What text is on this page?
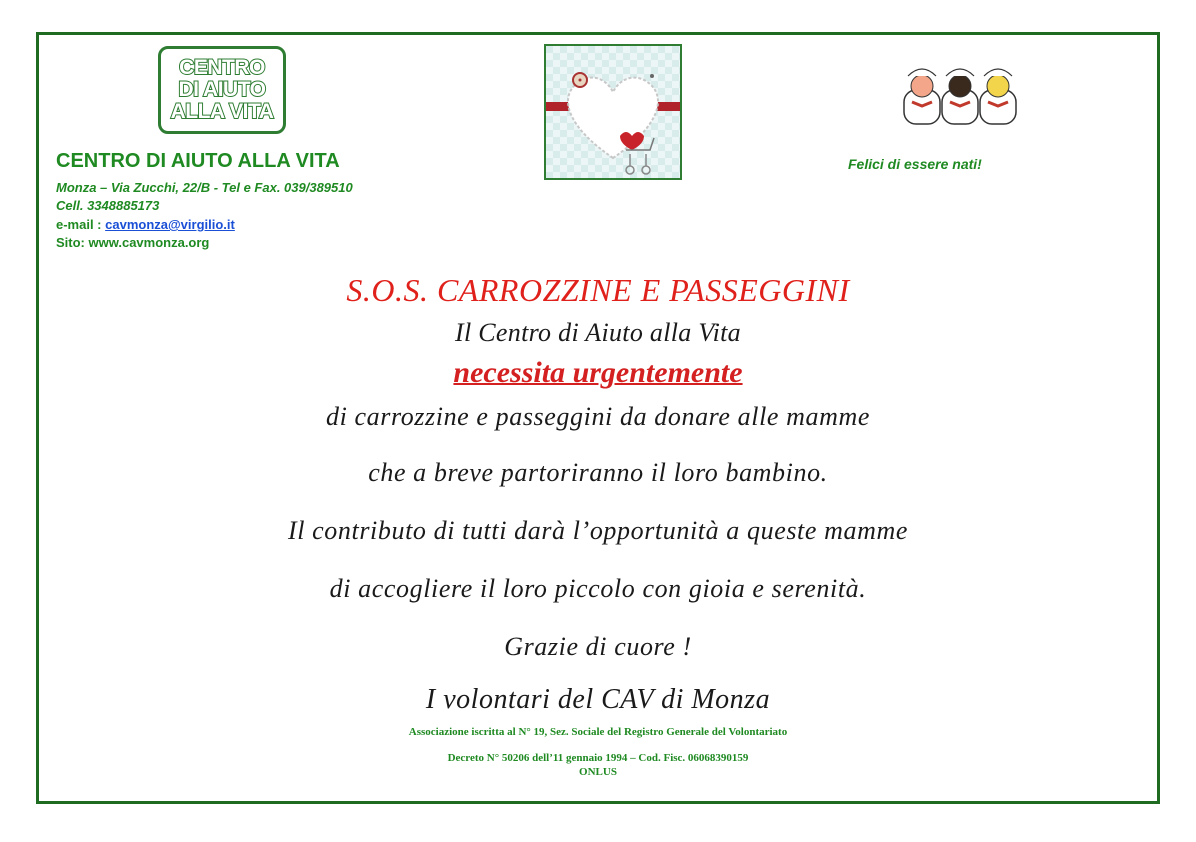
CENTRO
DI AIUTO
ALLA VITA
CENTRO DI AIUTO ALLA VITA
Monza – Via Zucchi, 22/B - Tel e Fax. 039/389510
Cell. 3348885173
e-mail : cavmonza@virgilio.it
Sito: www.cavmonza.org
Felici di essere nati!
S.O.S. CARROZZINE E PASSEGGINI
Il Centro di Aiuto alla Vita
necessita urgentemente
di carrozzine e passeggini da donare alle mamme
che a breve partoriranno il loro bambino.
Il contributo di tutti darà l’opportunità a queste mamme
di accogliere il loro piccolo con gioia e serenità.
Grazie di cuore !
I volontari del CAV di Monza
Associazione iscritta al N° 19, Sez. Sociale del Registro Generale del Volontariato
Decreto N° 50206 dell’11 gennaio 1994 – Cod. Fisc. 06068390159
ONLUS
